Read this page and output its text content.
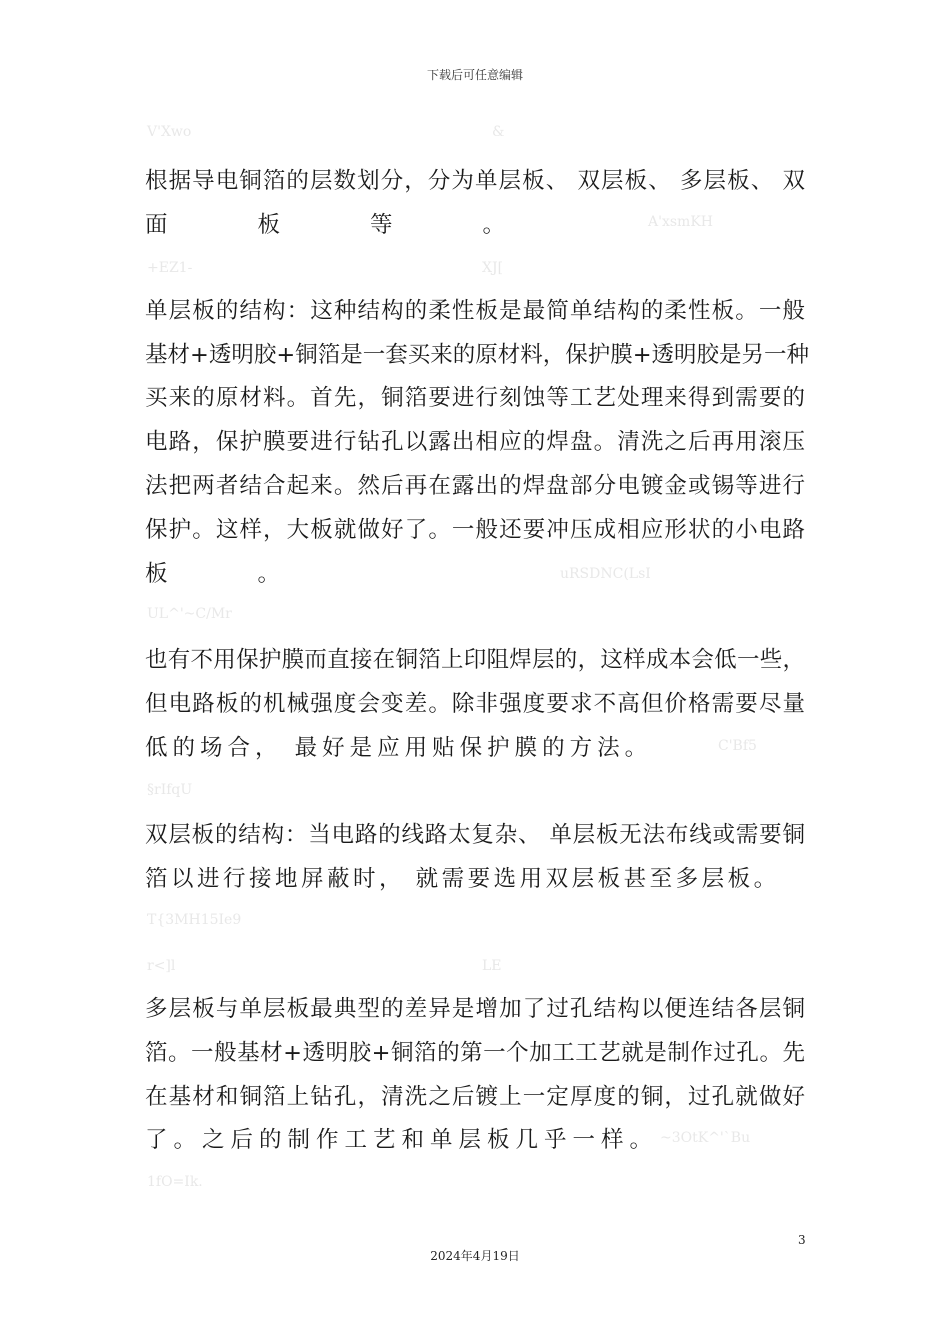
下载后可任意编辑
V'Xwo	&
A'xsmKH
+EZ1-	XJ[
uRSDNC(LsI
UL^'~C/Mr
C'Bf5
§rIfqU
T{3MH15Ie9
r<]l	LE
~3OtK^'`Bu
1fO=Ik.
根据导电铜箔的层数划分，分为单层板、 双层板、 多层板、 双
面　　　　板　　　　等　　　　。
单层板的结构：这种结构的柔性板是最简单结构的柔性板。一般
基材+透明胶+铜箔是一套买来的原材料，保护膜+透明胶是另一种
买来的原材料。首先，铜箔要进行刻蚀等工艺处理来得到需要的
电路，保护膜要进行钻孔以露出相应的焊盘。清洗之后再用滚压
法把两者结合起来。然后再在露出的焊盘部分电镀金或锡等进行
保护。这样，大板就做好了。一般还要冲压成相应形状的小电路
板　　　　。
也有不用保护膜而直接在铜箔上印阻焊层的，这样成本会低一些，
但电路板的机械强度会变差。除非强度要求不高但价格需要尽量
低的场合， 最好是应用贴保护膜的方法。
双层板的结构：当电路的线路太复杂、 单层板无法布线或需要铜
箔以进行接地屏蔽时， 就需要选用双层板甚至多层板。
多层板与单层板最典型的差异是增加了过孔结构以便连结各层铜
箔。一般基材+透明胶+铜箔的第一个加工工艺就是制作过孔。先
在基材和铜箔上钻孔，清洗之后镀上一定厚度的铜，过孔就做好
了。之后的制作工艺和单层板几乎一样。
3
2024年4月19日
